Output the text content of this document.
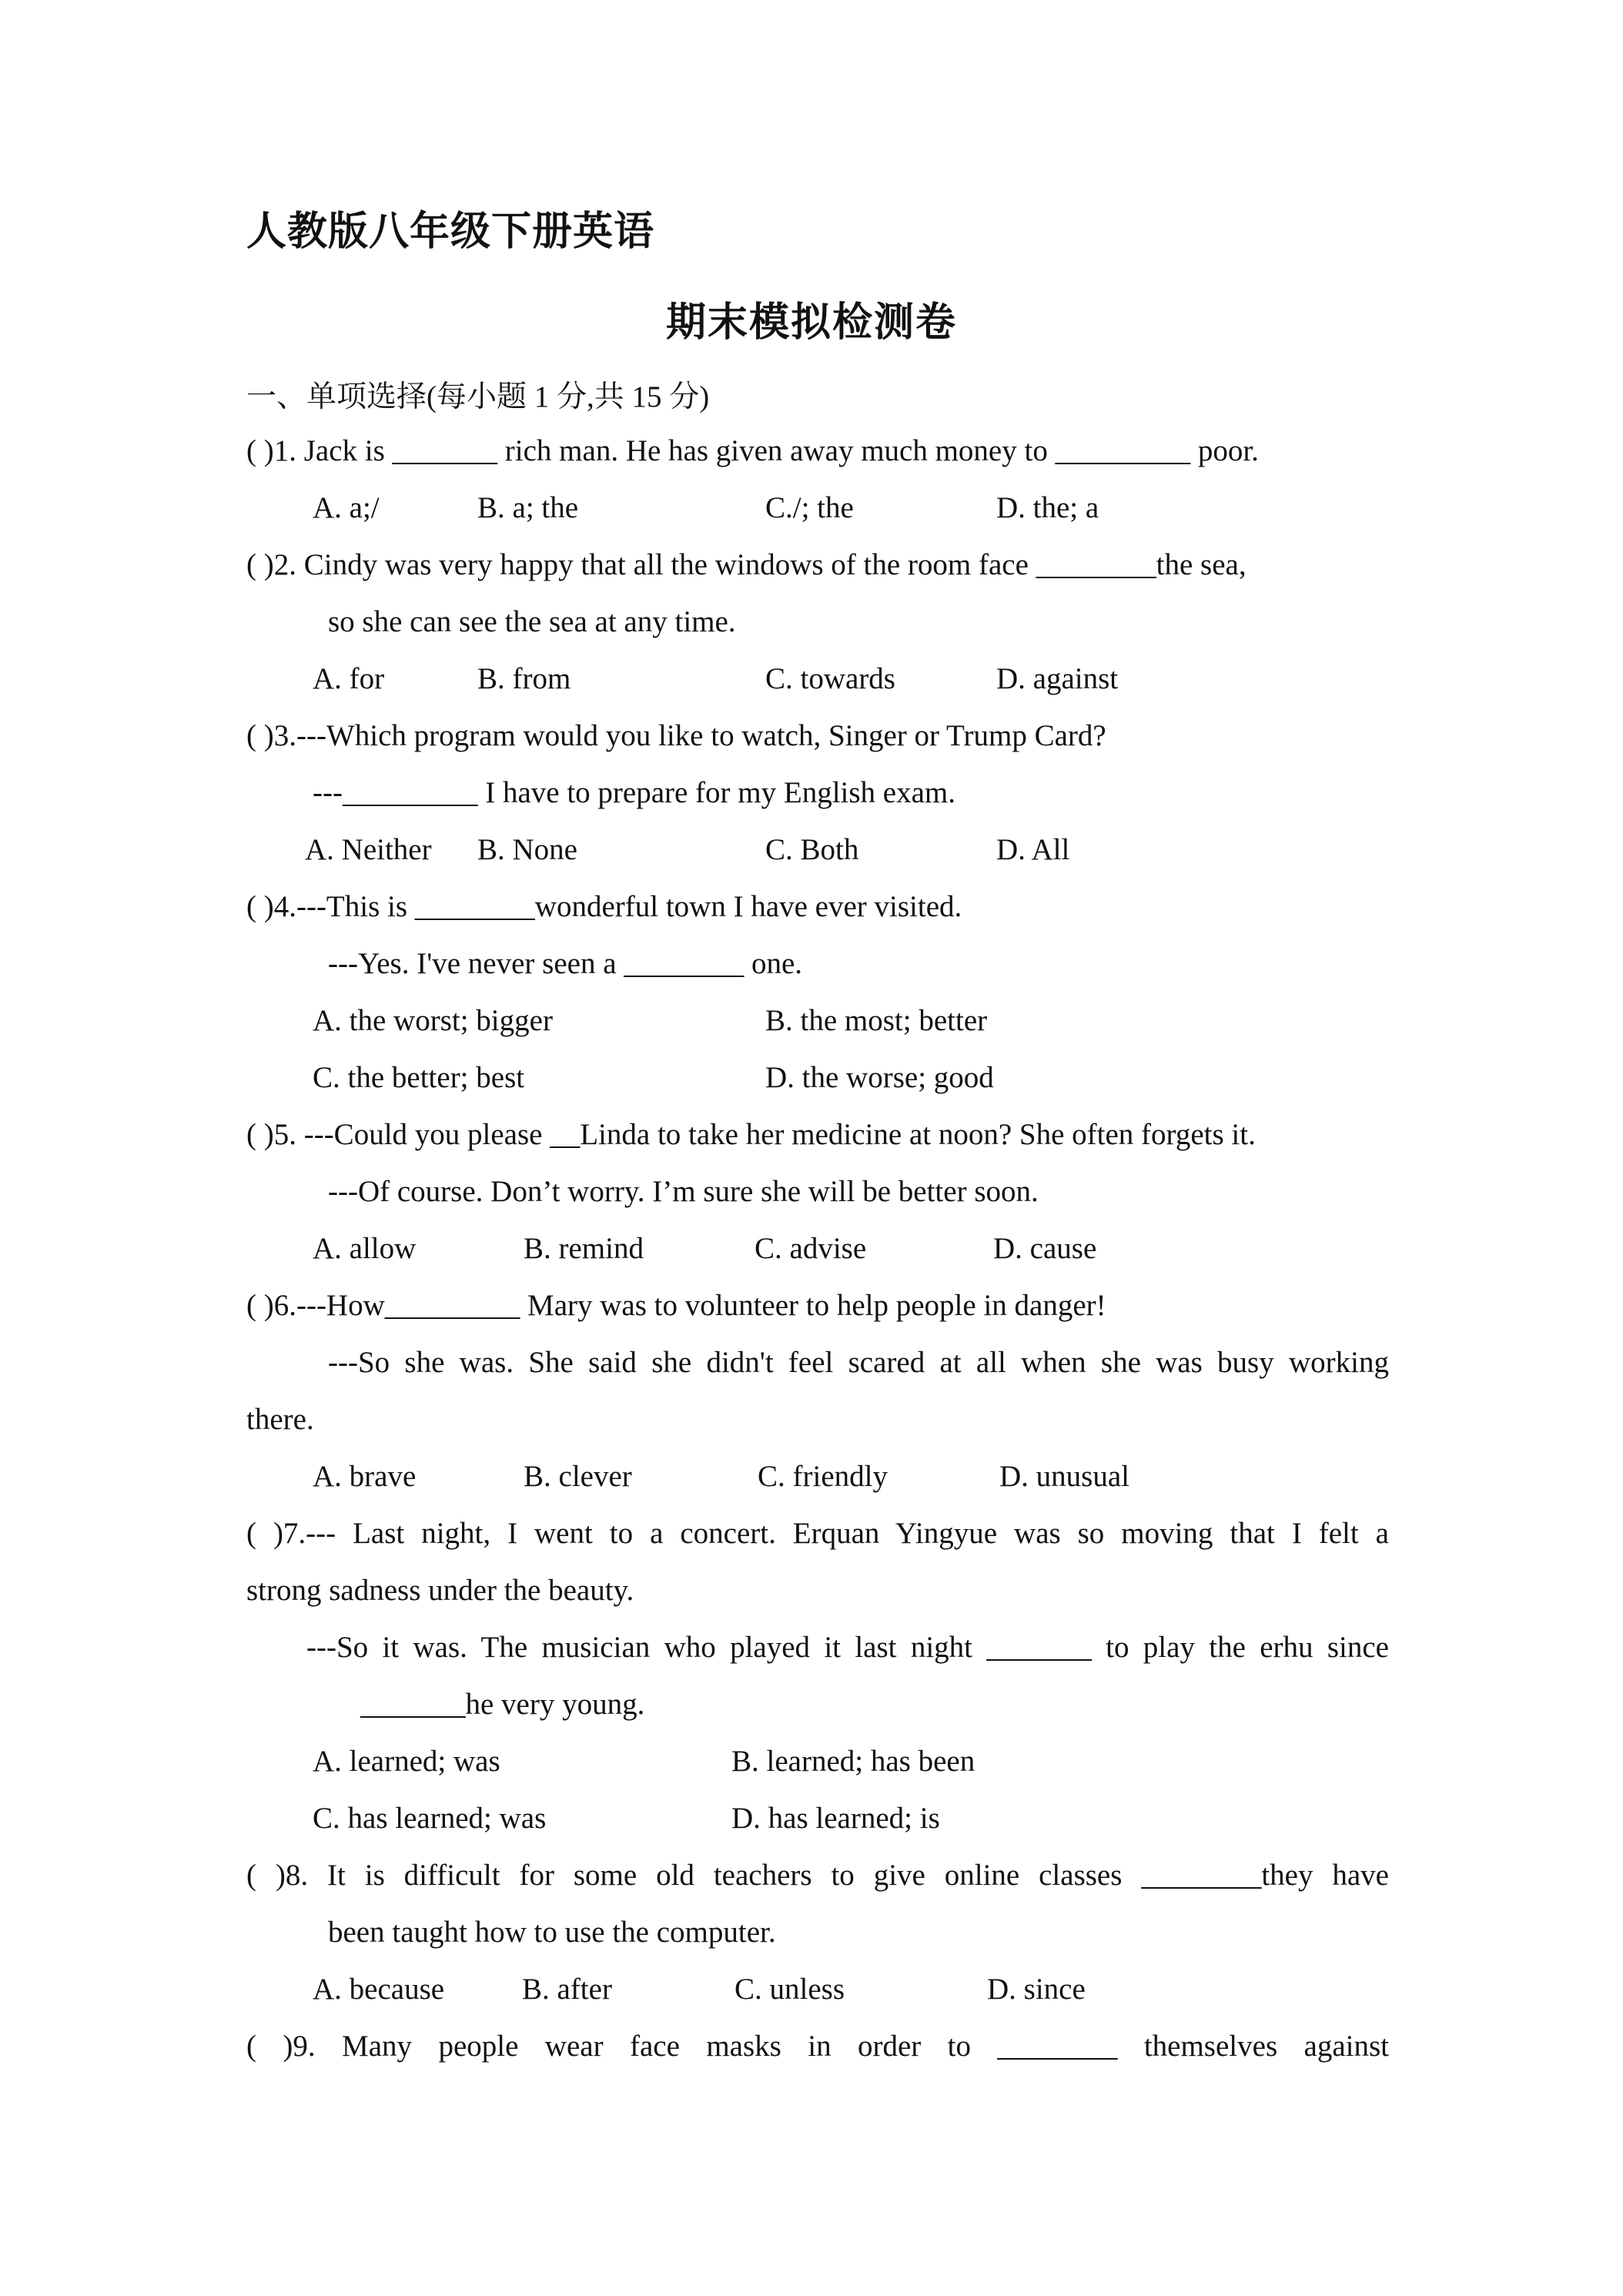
人教版八年级下册英语
期末模拟检测卷
一、单项选择(每小题 1 分,共 15 分)
( )1. Jack is _______ rich man. He has given away much money to _________ poor.
A. a;/	B. a; the	C./; the	D. the; a
( )2. Cindy was very happy that all the windows of the room face ________the sea,
so she can see the sea at any time.
A. for	B. from	C. towards	D. against
( )3.---Which program would you like to watch, Singer or Trump Card?
---_________ I have to prepare for my English exam.
A. Neither B. None	C. Both	D. All
( )4.---This is ________wonderful town I have ever visited.
---Yes. I've never seen a ________ one.
A. the worst; bigger	B. the most; better
C. the better; best	D. the worse; good
( )5. ---Could you please __Linda to take her medicine at noon? She often forgets it.
---Of course. Don’t worry. I’m sure she will be better soon.
A. allow	B. remind	C. advise	D. cause
( )6.---How_________ Mary was to volunteer to help people in danger!
---So she was. She said she didn't feel scared at all when she was busy working
there.
A. brave	B. clever	C. friendly	D. unusual
( )7.--- Last night, I went to a concert. Erquan Yingyue was so moving that I felt a
strong sadness under the beauty.
---So it was. The musician who played it last night _______ to play the erhu since
_______he very young.
A. learned; was	B. learned; has been
C. has learned; was	D. has learned; is
( )8. It is difficult for some old teachers to give online classes ________they have
been taught how to use the computer.
A. because	B. after	C. unless	D. since
( )9. Many people wear face masks in order to ________ themselves against
